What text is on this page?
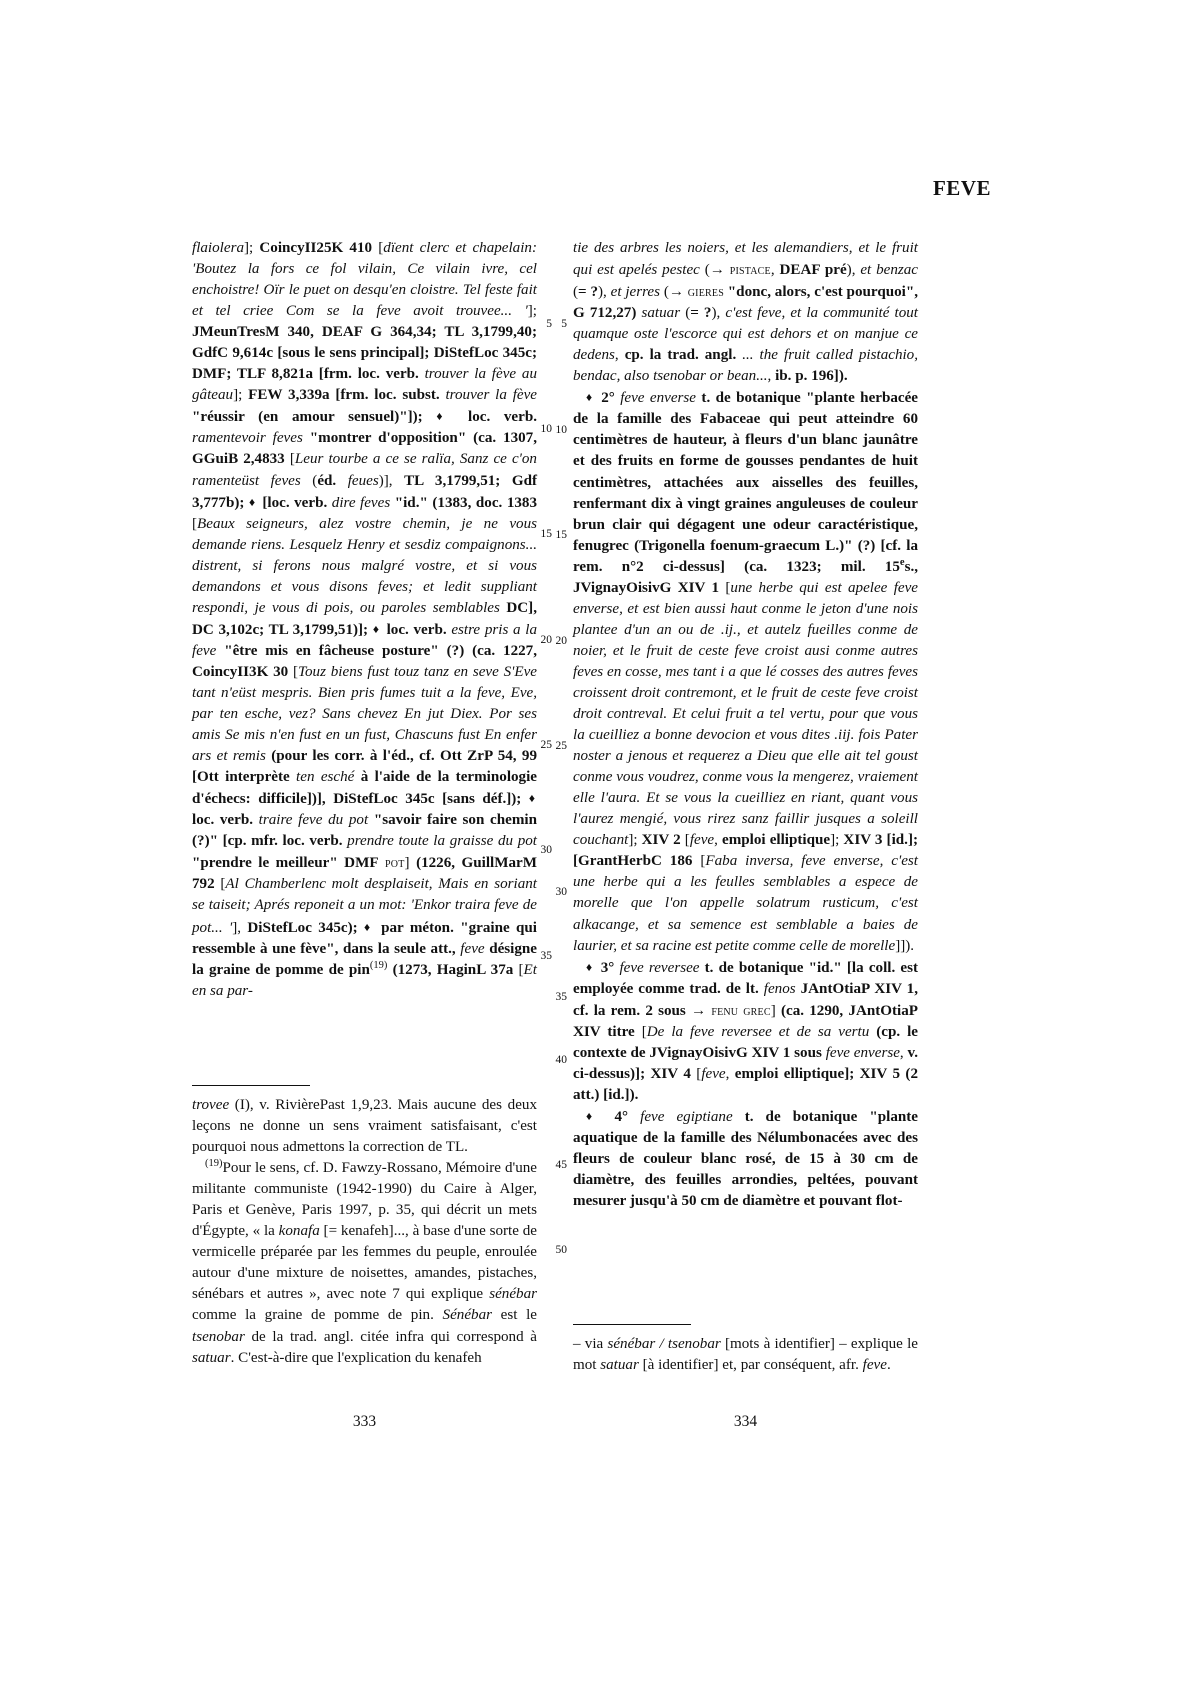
FEVE

flaiolera]; CoincyII25K 410 [dïent clerc et chapelain: 'Boutez la fors ce fol vilain, Ce vilain ivre, cel enchoistre! Oïr le puet on desqu'en cloistre. Tel feste fait et tel criee Com se la feve avoit trouvee... ']; JMeunTresM 340, DEAF G 364,34; TL 3,1799,40; GdfC 9,614c [sous le sens principal]; DiStefLoc 345c; DMF; TLF 8,821a [frm. loc. verb. trouver la fève au gâteau]; FEW 3,339a [frm. loc. subst. trouver la fève "réussir (en amour sensuel)"]); ♦ loc. verb. ramentevoir feves "montrer d'opposition" (ca. 1307, GGuiB 2,4833 [Leur tourbe a ce se ralïa, Sanz ce c'on ramenteüst feves (éd. feues)], TL 3,1799,51; Gdf 3,777b); ♦ [loc. verb. dire feves "id." (1383, doc. 1383 [Beaux seigneurs, alez vostre chemin, je ne vous demande riens. Lesquelz Henry et sesdiz compaignons... distrent, si ferons nous malgré vostre, et si vous demandons et vous disons feves; et ledit suppliant respondi, je vous di pois, ou paroles semblables DC], DC 3,102c; TL 3,1799,51)]; ♦ loc. verb. estre pris a la feve "être mis en fâcheuse posture" (?) (ca. 1227, CoincyII3K 30 [Touz biens fust touz tanz en seve S'Eve tant n'eüst mespris. Bien pris fumes tuit a la feve, Eve, par ten esche, vez? Sans chevez En jut Diex. Por ses amis Se mis n'en fust en un fust, Chascuns fust En enfer ars et remis (pour les corr. à l'éd., cf. Ott ZrP 54, 99 [Ott interprète ten esché à l'aide de la terminologie d'échecs: difficile])], DiStefLoc 345c [sans déf.]); ♦ loc. verb. traire feve du pot "savoir faire son chemin (?)" [cp. mfr. loc. verb. prendre toute la graisse du pot "prendre le meilleur" DMF pot] (1226, GuillMarM 792 [Al Chamberlenc molt desplaiseit, Mais en soriant se taiseit; Aprés reponeit a un mot: 'Enkor traira feve de pot... '], DiStefLoc 345c); ♦ par méton. "graine qui ressemble à une fève", dans la seule att., feve désigne la graine de pomme de pin$^{(19)}$ (1273, HaginL 37a [Et en sa par-

5
10
15
20
25
30
35

trovee (I), v. RivièrePast 1,9,23. Mais aucune des deux leçons ne donne un sens vraiment satisfaisant, c'est pourquoi nous admettons la correction de TL.

$^{(19)}$Pour le sens, cf. D. Fawzy-Rossano, Mémoire d'une militante communiste (1942-1990) du Caire à Alger, Paris et Genève, Paris 1997, p. 35, qui décrit un mets d'Égypte, « la konafa [= kenafeh]..., à base d'une sorte de vermicelle préparée par les femmes du peuple, enroulée autour d'une mixture de noisettes, amandes, pistaches, sénébars et autres », avec note 7 qui explique sénébar comme la graine de pomme de pin. Sénébar est le tsenobar de la trad. angl. citée infra qui correspond à satuar. C'est-à-dire que l'explication du kenafeh

tie des arbres les noiers, et les alemandiers, et le fruit qui est apelés pestec (→ pistace, DEAF pré), et benzac (= ?), et jerres (→ gieres "donc, alors, c'est pourquoi", G 712,27) satuar (= ?), c'est feve, et la communité tout quamque oste l'escorce qui est dehors et on manjue ce dedens, cp. la trad. angl. ... the fruit called pistachio, bendac, also tsenobar or bean..., ib. p. 196]).

♦ 2° feve enverse t. de botanique "plante herbacée de la famille des Fabaceae qui peut atteindre 60 centimètres de hauteur, à fleurs d'un blanc jaunâtre et des fruits en forme de gousses pendantes de huit centimètres, attachées aux aisselles des feuilles, renfermant dix à vingt graines anguleuses de couleur brun clair qui dégagent une odeur caractéristique, fenugrec (Trigonella foenum-graecum L.)" (?) [cf. la rem. n°2 ci-dessus] (ca. 1323; mil. 15es., JVignayOisivG XIV 1 [une herbe qui est apelee feve enverse, et est bien aussi haut conme le jeton d'une nois plantee d'un an ou de .ij., et autelz fueilles conme de noier, et le fruit de ceste feve croist ausi conme autres feves en cosse, mes tant i a que lé cosses des autres feves croissent droit contremont, et le fruit de ceste feve croist droit contreval. Et celui fruit a tel vertu, pour que vous la cueilliez a bonne devocion et vous dites .iij. fois Pater noster a jenous et requerez a Dieu que elle ait tel goust conme vous voudrez, conme vous la mengerez, vraiement elle l'aura. Et se vous la cueilliez en riant, quant vous l'aurez mengié, vous rirez sanz faillir jusques a soleill couchant]; XIV 2 [feve, emploi elliptique]; XIV 3 [id.]; [GrantHerbC 186 [Faba inversa, feve enverse, c'est une herbe qui a les feulles semblables a espece de morelle que l'on appelle solatrum rusticum, c'est alkacange, et sa semence est semblable a baies de laurier, et sa racine est petite comme celle de morelle]]).

♦ 3° feve reversee t. de botanique "id." [la coll. est employée comme trad. de lt. fenos JAntOtiaP XIV 1, cf. la rem. 2 sous → fenu grec] (ca. 1290, JAntOtiaP XIV titre [De la feve reversee et de sa vertu (cp. le contexte de JVignayOisivG XIV 1 sous feve enverse, v. ci-dessus)]; XIV 4 [feve, emploi elliptique]; XIV 5 (2 att.) [id.]).

♦ 4° feve egiptiane t. de botanique "plante aquatique de la famille des Nélumbonacées avec des fleurs de couleur blanc rosé, de 15 à 30 cm de diamètre, des feuilles arrondies, peltées, pouvant mesurer jusqu'à 50 cm de diamètre et pouvant flot-

5
10
15
20
25
30
35
40
45
50

– via sénébar / tsenobar [mots à identifier] – explique le mot satuar [à identifier] et, par conséquent, afr. feve.

333	334
